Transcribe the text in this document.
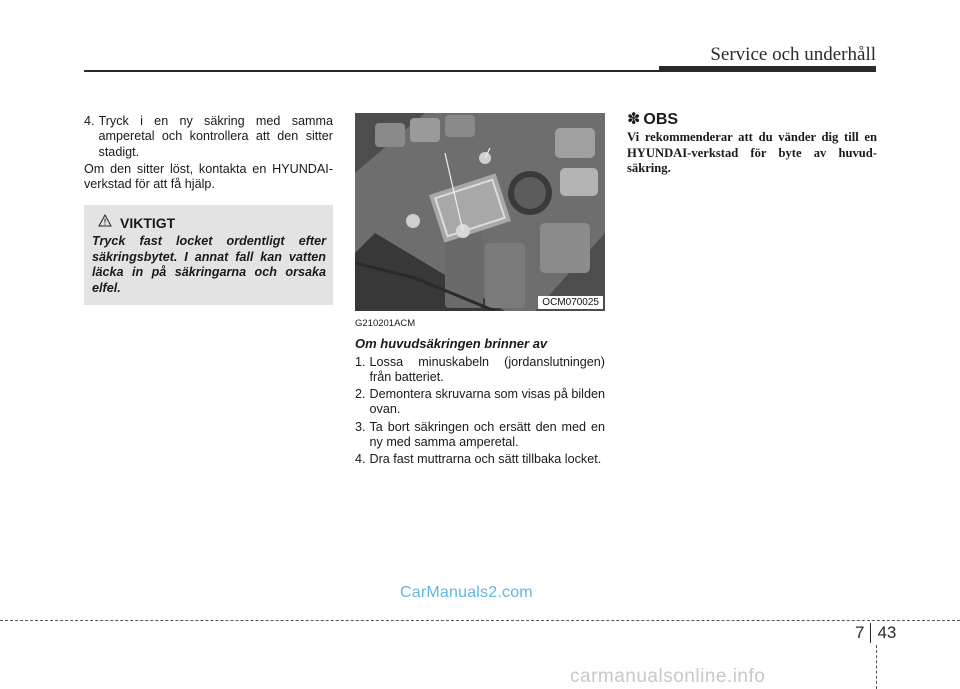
Service och underhåll
4. Tryck i en ny säkring med samma amperetal och kontrollera att den sitter stadigt.
Om den sitter löst, kontakta en HYUNDAI-verkstad för att få hjälp.
VIKTIGT
Tryck fast locket ordentligt efter säkringsbytet. I annat fall kan vatten läcka in på säkringarna och orsaka elfel.
OCM070025
G210201ACM
Om huvudsäkringen brinner av
1. Lossa minuskabeln (jordanslutningen) från batteriet.
2. Demontera skruvarna som visas på bilden ovan.
3. Ta bort säkringen och ersätt den med en ny med samma amperetal.
4. Dra fast muttrarna och sätt tillbaka locket.
✽ OBS
Vi rekommenderar att du vänder dig till en HYUNDAI-verkstad för byte av huvud-säkring.
CarManuals2.com
7 43
carmanualsonline.info
